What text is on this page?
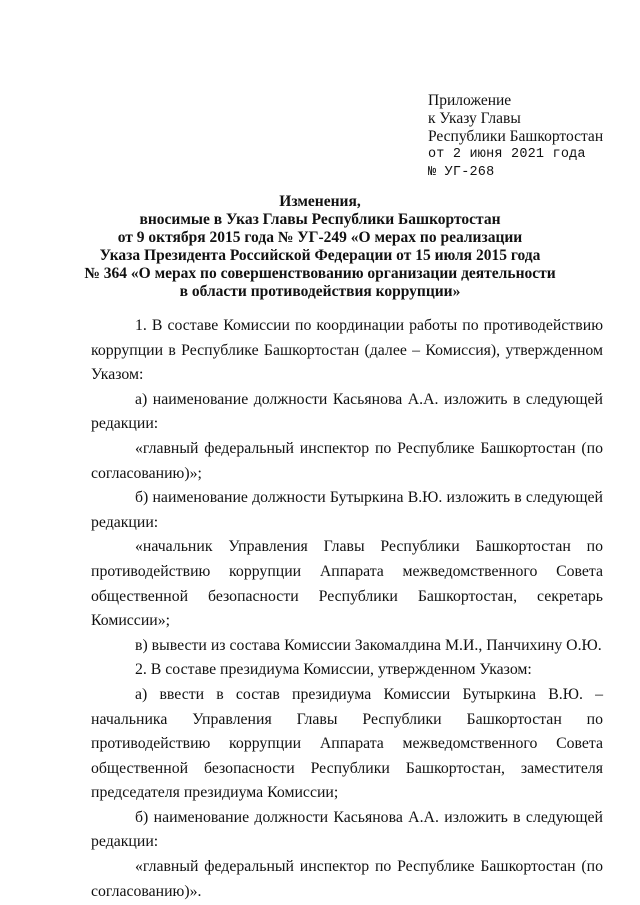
Приложение
к Указу Главы
Республики Башкортостан
от 2 июня 2021 года
№ УГ-268
Изменения,
вносимые в Указ Главы Республики Башкортостан
от 9 октября 2015 года № УГ-249 «О мерах по реализации
Указа Президента Российской Федерации от 15 июля 2015 года
№ 364 «О мерах по совершенствованию организации деятельности
в области противодействия коррупции»

1. В составе Комиссии по координации работы по противодействию коррупции в Республике Башкортостан (далее – Комиссия), утвержденном Указом:

а) наименование должности Касьянова А.А. изложить в следующей редакции:

«главный федеральный инспектор по Республике Башкортостан (по согласованию)»;

б) наименование должности Бутыркина В.Ю. изложить в следующей редакции:

«начальник Управления Главы Республики Башкортостан по противодействию коррупции Аппарата межведомственного Совета общественной безопасности Республики Башкортостан, секретарь Комиссии»;

в) вывести из состава Комиссии Закомалдина М.И., Панчихину О.Ю.

2. В составе президиума Комиссии, утвержденном Указом:

а) ввести в состав президиума Комиссии Бутыркина В.Ю. – начальника Управления Главы Республики Башкортостан по противодействию коррупции Аппарата межведомственного Совета общественной безопасности Республики Башкортостан, заместителя председателя президиума Комиссии;

б) наименование должности Касьянова А.А. изложить в следующей редакции:

«главный федеральный инспектор по Республике Башкортостан (по согласованию)».
